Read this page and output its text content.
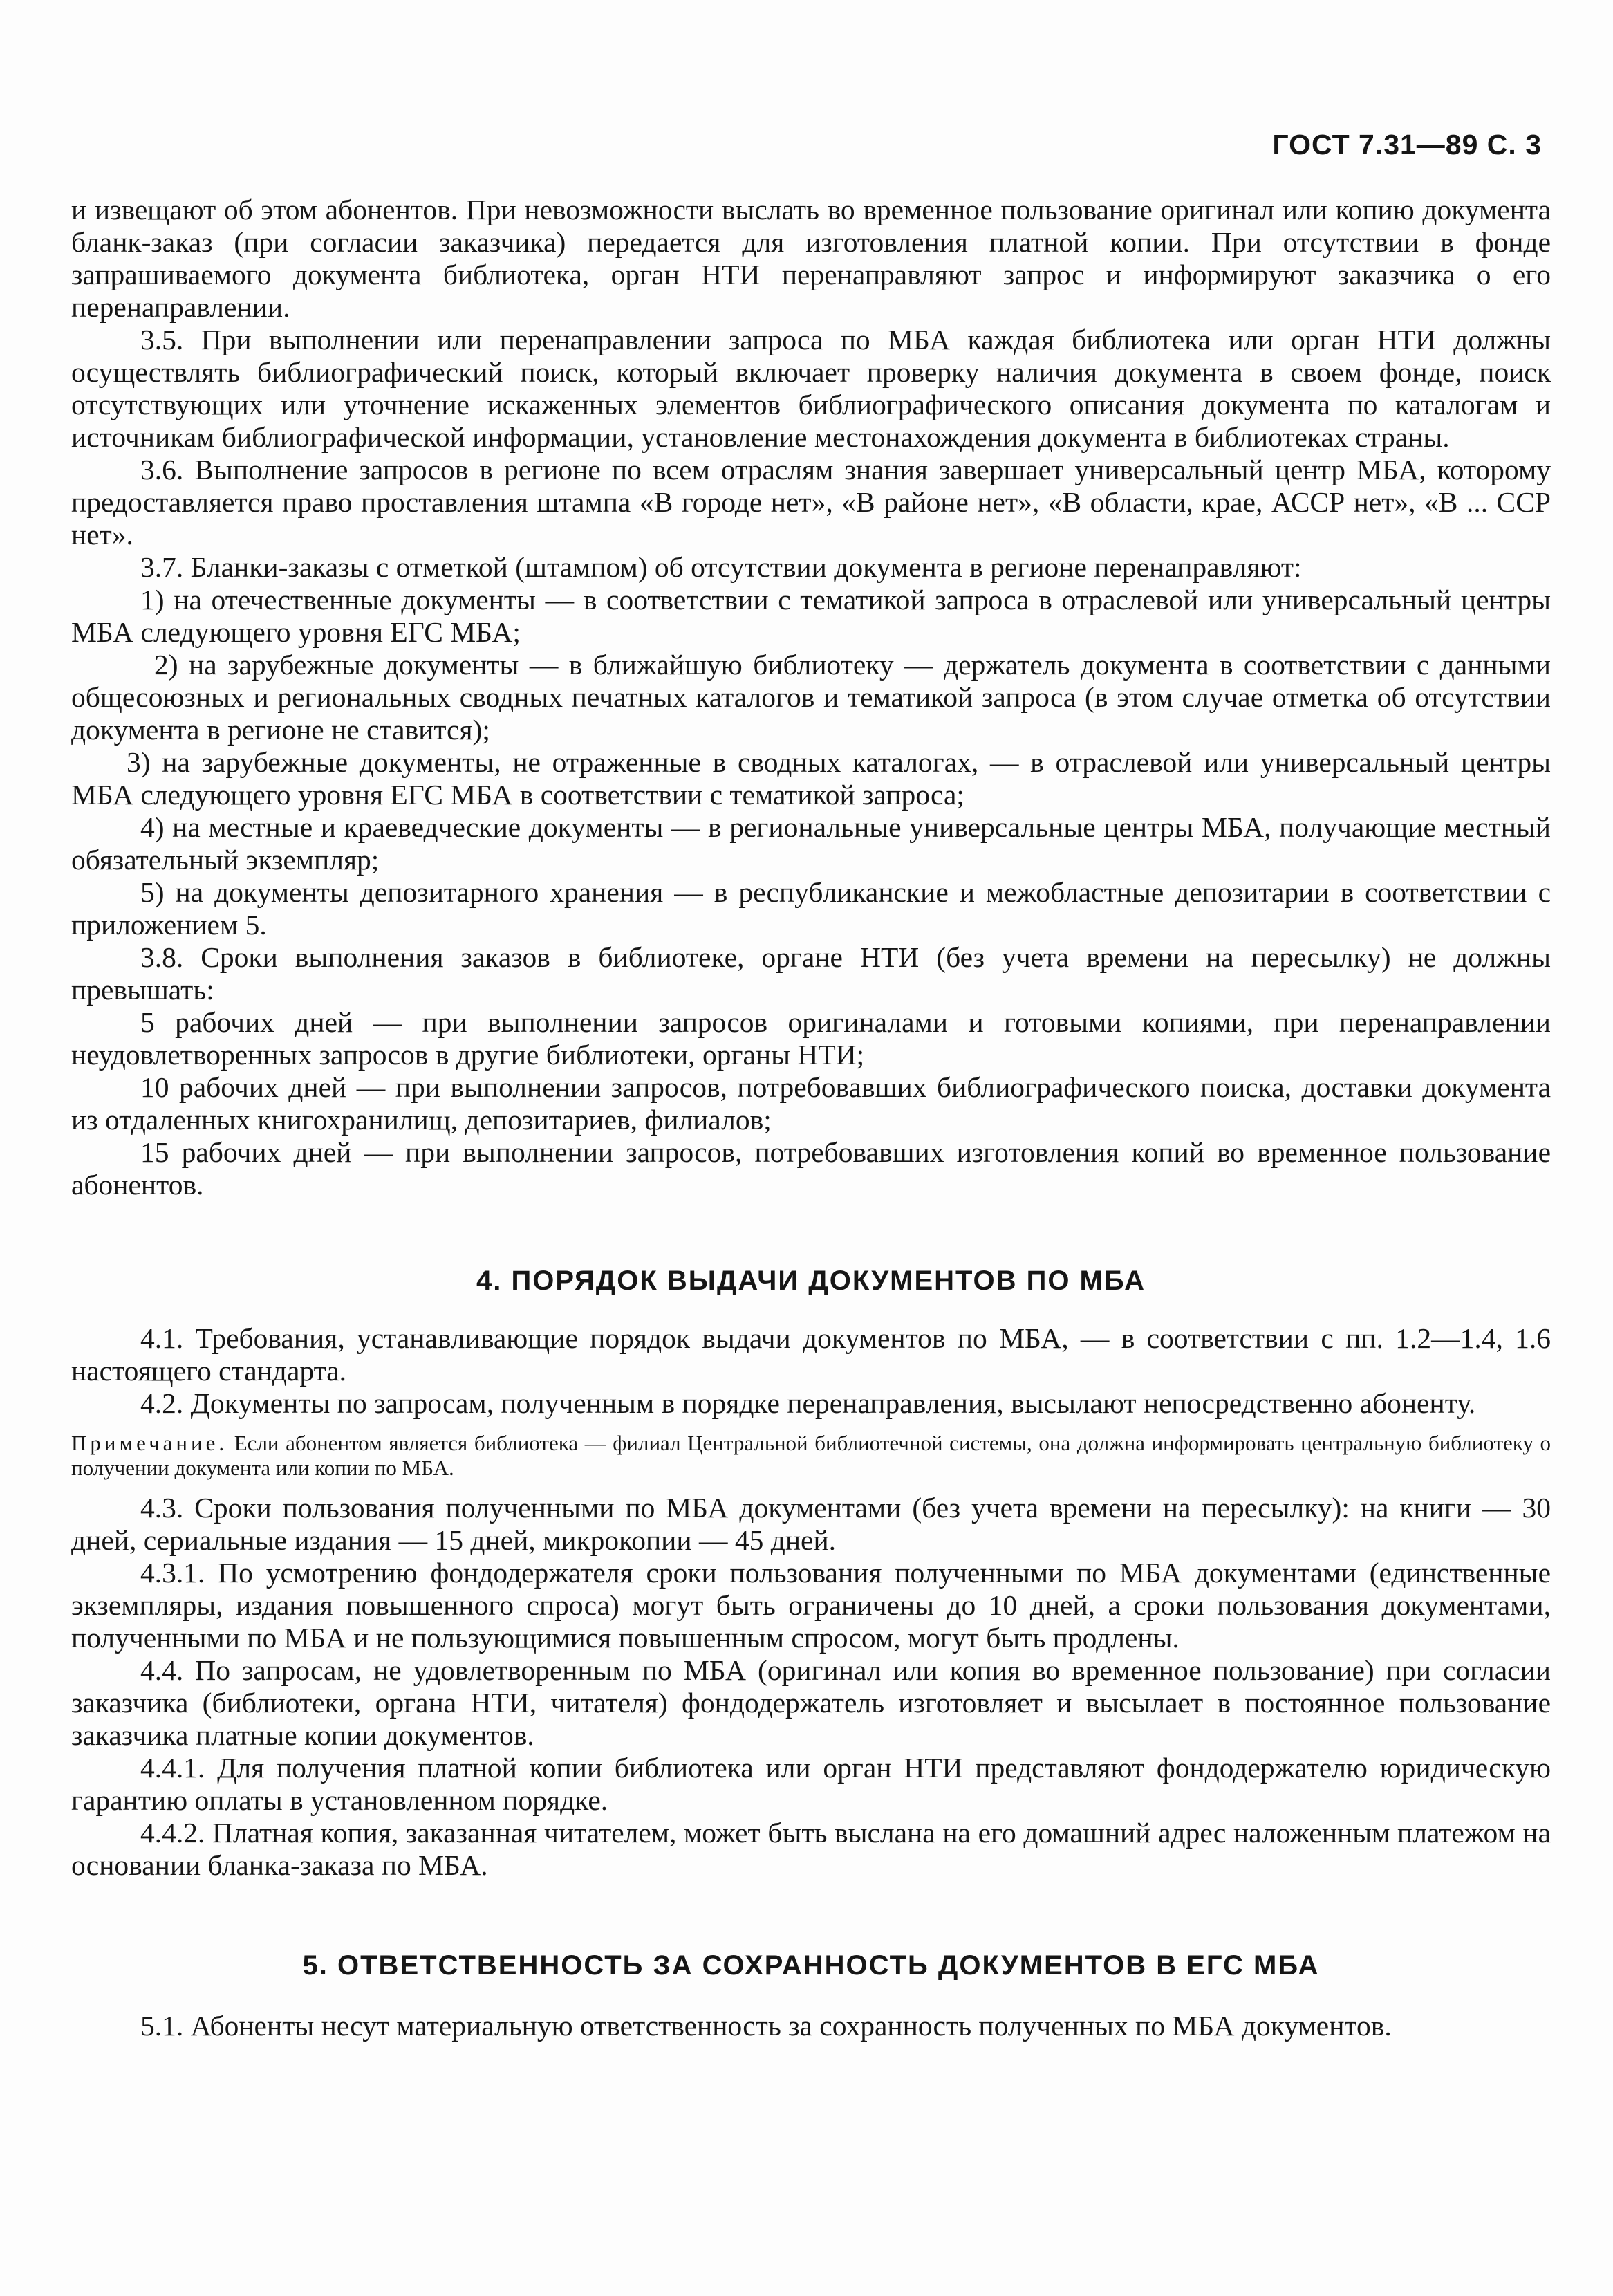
ГОСТ 7.31—89 С. 3

и извещают об этом абонентов. При невозможности выслать во временное пользование оригинал или копию документа бланк-заказ (при согласии заказчика) передается для изготовления платной копии. При отсутствии в фонде запрашиваемого документа библиотека, орган НТИ перенаправляют запрос и информируют заказчика о его перенаправлении.

3.5. При выполнении или перенаправлении запроса по МБА каждая библиотека или орган НТИ должны осуществлять библиографический поиск, который включает проверку наличия документа в своем фонде, поиск отсутствующих или уточнение искаженных элементов библиографического описания документа по каталогам и источникам библиографической информации, установление местонахождения документа в библиотеках страны.

3.6. Выполнение запросов в регионе по всем отраслям знания завершает универсальный центр МБА, которому предоставляется право проставления штампа «В городе нет», «В районе нет», «В области, крае, АССР нет», «В ... ССР нет».

3.7. Бланки-заказы с отметкой (штампом) об отсутствии документа в регионе перенаправляют:

1) на отечественные документы — в соответствии с тематикой запроса в отраслевой или универсальный центры МБА следующего уровня ЕГС МБА;

2) на зарубежные документы — в ближайшую библиотеку — держатель документа в соответствии с данными общесоюзных и региональных сводных печатных каталогов и тематикой запроса (в этом случае отметка об отсутствии документа в регионе не ставится);

3) на зарубежные документы, не отраженные в сводных каталогах, — в отраслевой или универсальный центры МБА следующего уровня ЕГС МБА в соответствии с тематикой запроса;

4) на местные и краеведческие документы — в региональные универсальные центры МБА, получающие местный обязательный экземпляр;

5) на документы депозитарного хранения — в республиканские и межобластные депозитарии в соответствии с приложением 5.

3.8. Сроки выполнения заказов в библиотеке, органе НТИ (без учета времени на пересылку) не должны превышать:

5 рабочих дней — при выполнении запросов оригиналами и готовыми копиями, при перенаправлении неудовлетворенных запросов в другие библиотеки, органы НТИ;

10 рабочих дней — при выполнении запросов, потребовавших библиографического поиска, доставки документа из отдаленных книгохранилищ, депозитариев, филиалов;

15 рабочих дней — при выполнении запросов, потребовавших изготовления копий во временное пользование абонентов.

4. ПОРЯДОК ВЫДАЧИ ДОКУМЕНТОВ ПО МБА

4.1. Требования, устанавливающие порядок выдачи документов по МБА, — в соответствии с пп. 1.2—1.4, 1.6 настоящего стандарта.

4.2. Документы по запросам, полученным в порядке перенаправления, высылают непосредственно абоненту.

Примечание. Если абонентом является библиотека — филиал Центральной библиотечной системы, она должна информировать центральную библиотеку о получении документа или копии по МБА.

4.3. Сроки пользования полученными по МБА документами (без учета времени на пересылку): на книги — 30 дней, сериальные издания — 15 дней, микрокопии — 45 дней.

4.3.1. По усмотрению фондодержателя сроки пользования полученными по МБА документами (единственные экземпляры, издания повышенного спроса) могут быть ограничены до 10 дней, а сроки пользования документами, полученными по МБА и не пользующимися повышенным спросом, могут быть продлены.

4.4. По запросам, не удовлетворенным по МБА (оригинал или копия во временное пользование) при согласии заказчика (библиотеки, органа НТИ, читателя) фондодержатель изготовляет и высылает в постоянное пользование заказчика платные копии документов.

4.4.1. Для получения платной копии библиотека или орган НТИ представляют фондодержателю юридическую гарантию оплаты в установленном порядке.

4.4.2. Платная копия, заказанная читателем, может быть выслана на его домашний адрес наложенным платежом на основании бланка-заказа по МБА.

5. ОТВЕТСТВЕННОСТЬ ЗА СОХРАННОСТЬ ДОКУМЕНТОВ В ЕГС МБА

5.1. Абоненты несут материальную ответственность за сохранность полученных по МБА документов.
